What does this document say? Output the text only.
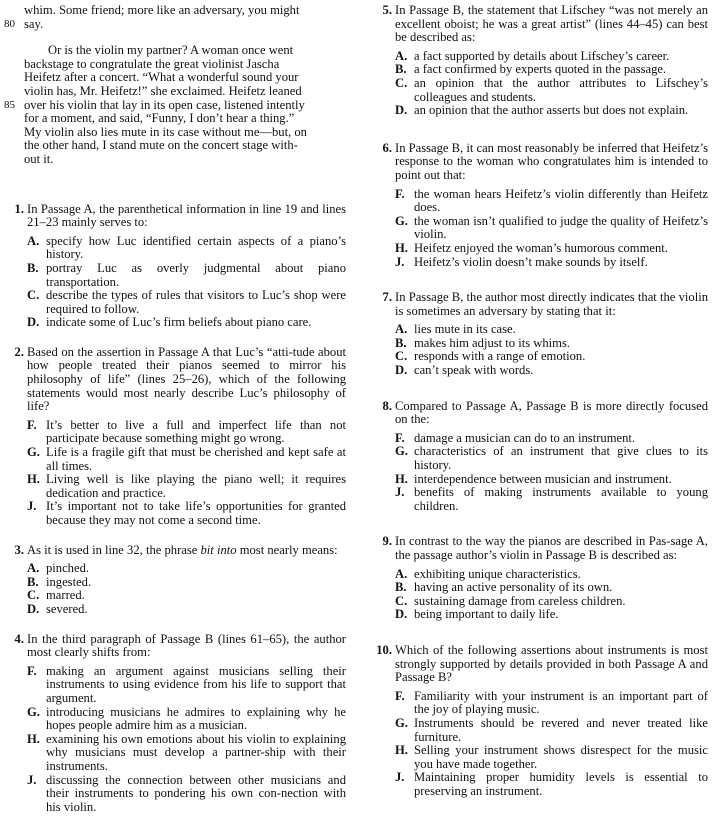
whim. Some friend; more like an adversary, you might
80 say.
Or is the violin my partner? A woman once went
backstage to congratulate the great violinist Jascha
Heifetz after a concert. “What a wonderful sound your
violin has, Mr. Heifetz!” she exclaimed. Heifetz leaned
85 over his violin that lay in its open case, listened intently
for a moment, and said, “Funny, I don’t hear a thing.”
My violin also lies mute in its case without me—but, on
the other hand, I stand mute on the concert stage with-
out it.
1. In Passage A, the parenthetical information in line 19 and lines 21–23 mainly serves to:
A. specify how Luc identified certain aspects of a piano’s history.
B. portray Luc as overly judgmental about piano transportation.
C. describe the types of rules that visitors to Luc’s shop were required to follow.
D. indicate some of Luc’s firm beliefs about piano care.
2. Based on the assertion in Passage A that Luc’s “atti-tude about how people treated their pianos seemed to mirror his philosophy of life” (lines 25–26), which of the following statements would most nearly describe Luc’s philosophy of life?
F. It’s better to live a full and imperfect life than not participate because something might go wrong.
G. Life is a fragile gift that must be cherished and kept safe at all times.
H. Living well is like playing the piano well; it requires dedication and practice.
J. It’s important not to take life’s opportunities for granted because they may not come a second time.
3. As it is used in line 32, the phrase bit into most nearly means:
A. pinched.
B. ingested.
C. marred.
D. severed.
4. In the third paragraph of Passage B (lines 61–65), the author most clearly shifts from:
F. making an argument against musicians selling their instruments to using evidence from his life to support that argument.
G. introducing musicians he admires to explaining why he hopes people admire him as a musician.
H. examining his own emotions about his violin to explaining why musicians must develop a partner-ship with their instruments.
J. discussing the connection between other musicians and their instruments to pondering his own con-nection with his violin.
5. In Passage B, the statement that Lifschey “was not merely an excellent oboist; he was a great artist” (lines 44–45) can best be described as:
A. a fact supported by details about Lifschey’s career.
B. a fact confirmed by experts quoted in the passage.
C. an opinion that the author attributes to Lifschey’s colleagues and students.
D. an opinion that the author asserts but does not explain.
6. In Passage B, it can most reasonably be inferred that Heifetz’s response to the woman who congratulates him is intended to point out that:
F. the woman hears Heifetz’s violin differently than Heifetz does.
G. the woman isn’t qualified to judge the quality of Heifetz’s violin.
H. Heifetz enjoyed the woman’s humorous comment.
J. Heifetz’s violin doesn’t make sounds by itself.
7. In Passage B, the author most directly indicates that the violin is sometimes an adversary by stating that it:
A. lies mute in its case.
B. makes him adjust to its whims.
C. responds with a range of emotion.
D. can’t speak with words.
8. Compared to Passage A, Passage B is more directly focused on the:
F. damage a musician can do to an instrument.
G. characteristics of an instrument that give clues to its history.
H. interdependence between musician and instrument.
J. benefits of making instruments available to young children.
9. In contrast to the way the pianos are described in Pas-sage A, the passage author’s violin in Passage B is described as:
A. exhibiting unique characteristics.
B. having an active personality of its own.
C. sustaining damage from careless children.
D. being important to daily life.
10. Which of the following assertions about instruments is most strongly supported by details provided in both Passage A and Passage B?
F. Familiarity with your instrument is an important part of the joy of playing music.
G. Instruments should be revered and never treated like furniture.
H. Selling your instrument shows disrespect for the music you have made together.
J. Maintaining proper humidity levels is essential to preserving an instrument.
